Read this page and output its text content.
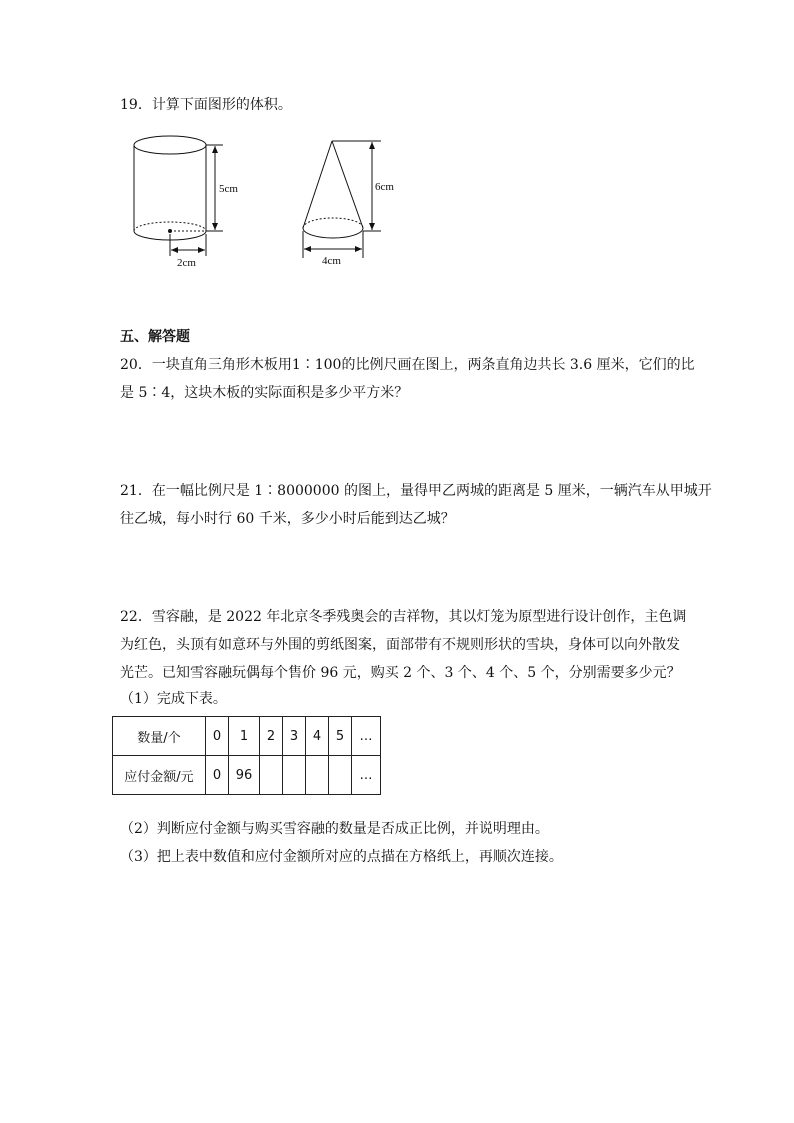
19．计算下面图形的体积。
5cm
2cm
6cm
4cm
五、解答题
20．一块直角三角形木板用1∶100的比例尺画在图上，两条直角边共长 3.6 厘米，它们的比
是 5∶4，这块木板的实际面积是多少平方米？
21．在一幅比例尺是 1∶8000000 的图上，量得甲乙两城的距离是 5 厘米，一辆汽车从甲城开
往乙城，每小时行 60 千米，多少小时后能到达乙城？
22．雪容融，是 2022 年北京冬季残奥会的吉祥物，其以灯笼为原型进行设计创作，主色调
为红色，头顶有如意环与外围的剪纸图案，面部带有不规则形状的雪块，身体可以向外散发
光芒。已知雪容融玩偶每个售价 96 元，购买 2 个、3 个、4 个、5 个，分别需要多少元？
（1）完成下表。
数量/个	0	1	2	3	4	5	…
应付金额/元	0	96					…
（2）判断应付金额与购买雪容融的数量是否成正比例，并说明理由。
（3）把上表中数值和应付金额所对应的点描在方格纸上，再顺次连接。
